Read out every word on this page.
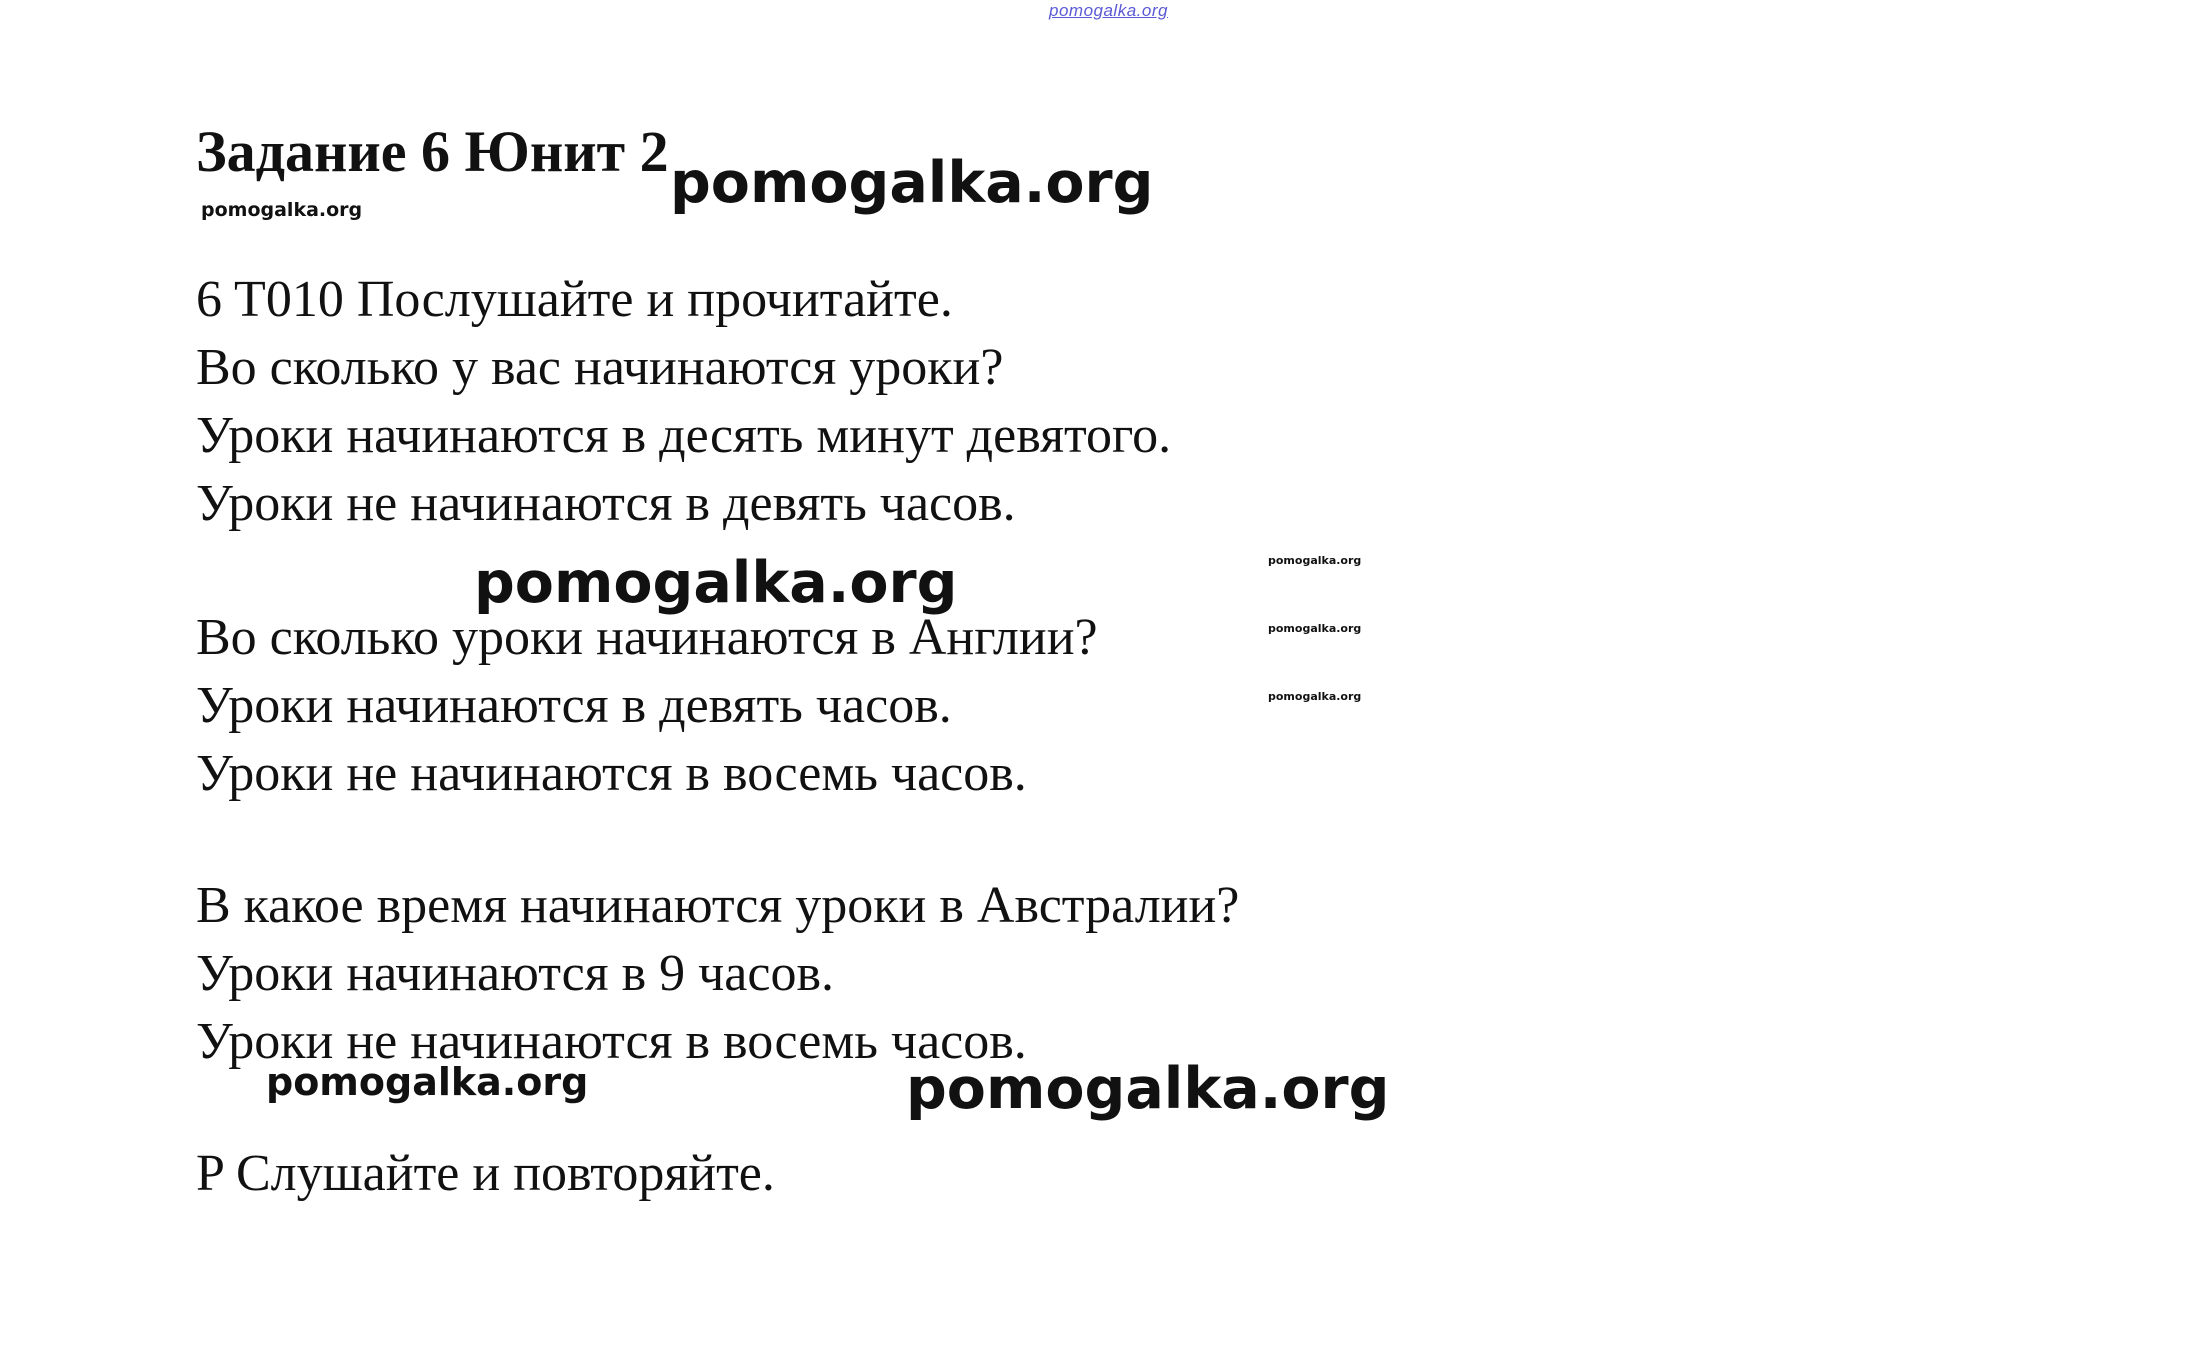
pomogalka.org
Задание 6 Юнит 2 pomogalka.org
pomogalka.org
6 T010 Послушайте и прочитайте.
Во сколько у вас начинаются уроки?
Уроки начинаются в десять минут девятого.
Уроки не начинаются в девять часов.
pomogalka.org	pomogalka.org
pomogalka.org
pomogalka.org
Во сколько уроки начинаются в Англии?
Уроки начинаются в девять часов.
Уроки не начинаются в восемь часов.
В какое время начинаются уроки в Австралии?
Уроки начинаются в 9 часов.
Уроки не начинаются в восемь часов.
pomogalka.org	pomogalka.org
P Слушайте и повторяйте.
